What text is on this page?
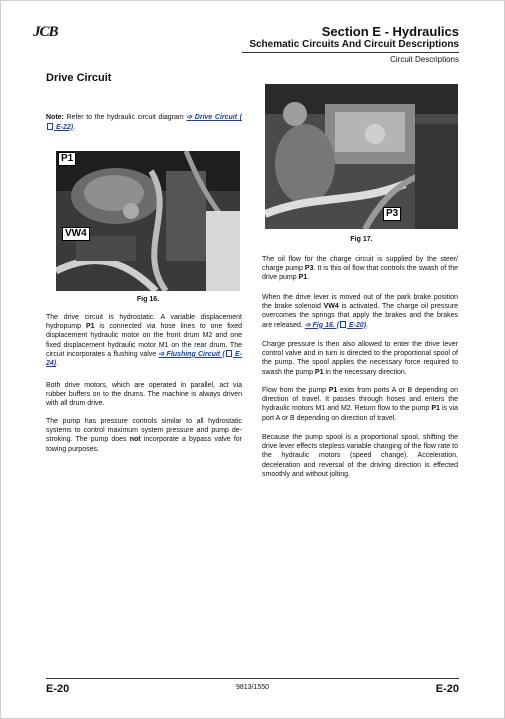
JCB	Section E - Hydraulics
Schematic Circuits And Circuit Descriptions
Circuit Descriptions
Drive Circuit
Note: Refer to the hydraulic circuit diagram ➩ Drive Circuit ( E-22).
P1
VW4
Fig 16.
The drive circuit is hydrostatic. A variable displacement hydropump P1 is connected via hose lines to one fixed displacement hydraulic motor on the front drum M2 and one fixed displacement hydraulic motor M1 on the rear drum. The circuit incorporates a flushing valve ➩ Flushing Circuit ( E-24).
Both drive motors, which are operated in parallel, act via rubber buffers on to the drums. The machine is always driven with all drum drive.
The pump has pressure controls similar to all hydrostatic systems to control maximum system pressure and pump de-stroking. The pump does not incorporate a bypass valve for towing purposes.
P3
Fig 17.
The oil flow for the charge circuit is supplied by the steer/ charge pump P3. It is this oil flow that controls the swash of the drive pump P1.
When the drive lever is moved out of the park brake position the brake solenoid VW4 is activated. The charge oil pressure overcomes the springs that apply the brakes and the brakes are released. ➩ Fig 16. ( E-20).
Charge pressure is then also allowed to enter the drive lever control valve and in turn is directed to the proportional spool of the pump. The spool applies the necessary force required to swash the pump P1 in the necessary direction.
Flow from the pump P1 exits from ports A or B depending on direction of travel. It passes through hoses and enters the hydraulic motors M1 and M2. Return flow to the pump P1 is via port A or B depending on direction of travel.
Because the pump spool is a proportional spool, shifting the drive lever effects stepless variable changing of the flow rate to the hydraulic motors (speed change). Acceleration, deceleration and reversal of the driving direction is effected smoothly and without jolting.
E-20	9813/1550	E-20
